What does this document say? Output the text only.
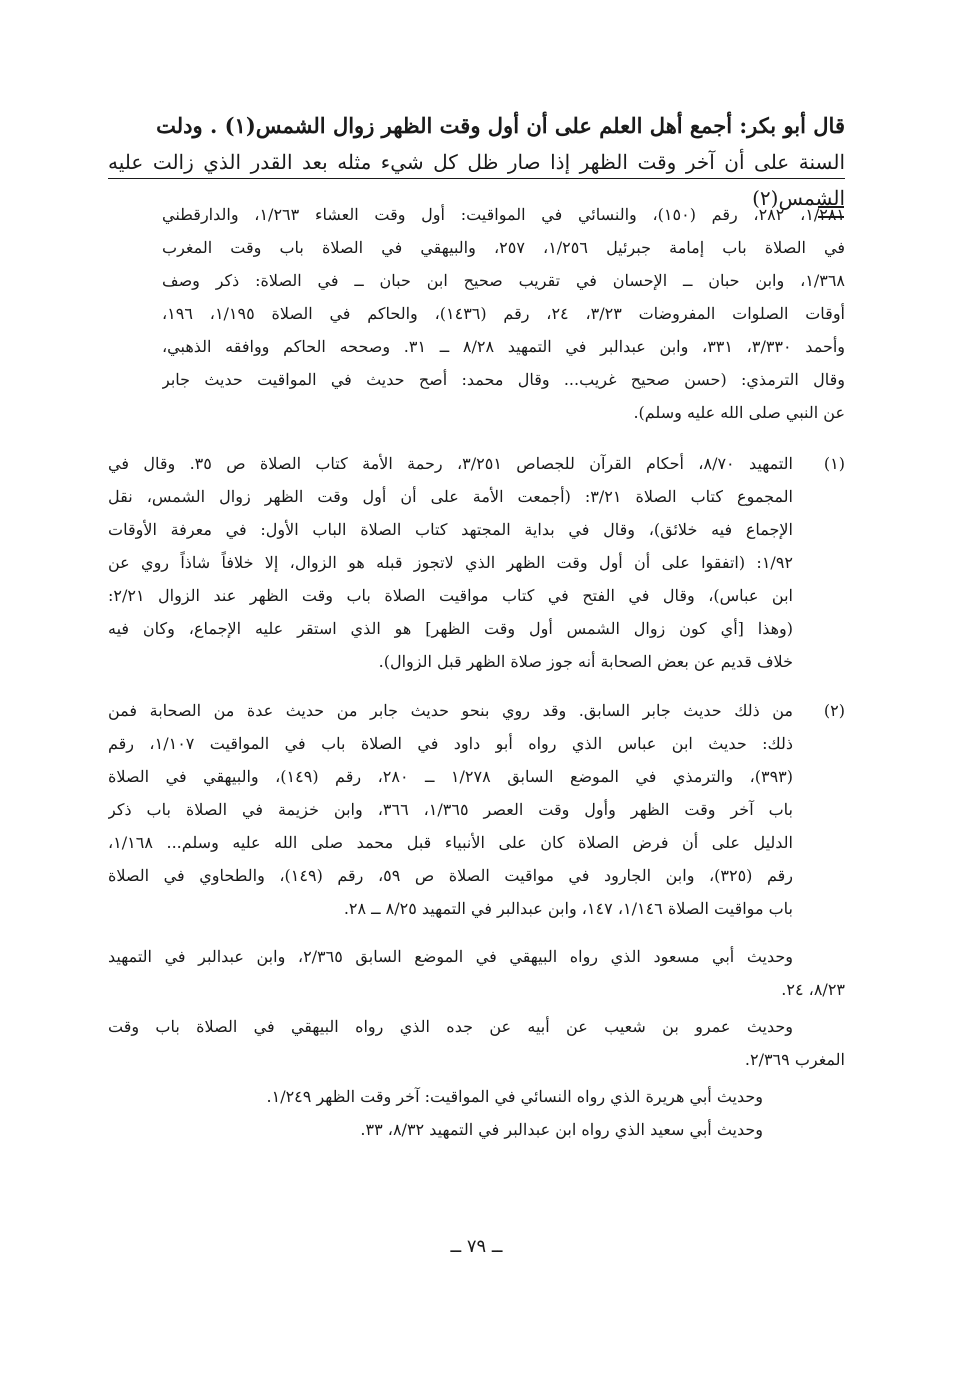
قال أبو بكر: أجمع أهل العلم على أن أول وقت الظهر زوال الشمس(١) . ودلت
السنة على أن آخر وقت الظهر إذا صار ظل كل شيء مثله بعد القدر الذي زالت عليه الشمس(٢)
١/٢٨١، ٢٨٢، رقم (١٥٠)، والنسائي في المواقيت: أول وقت العشاء ١/٢٦٣، والدارقطني
في الصلاة باب إمامة جبرئيل ١/٢٥٦، ٢٥٧، والبيهقي في الصلاة باب وقت المغرب
١/٣٦٨، وابن حبان ــ الإحسان في تقريب صحيح ابن حبان ــ في الصلاة: ذكر وصف
أوقات الصلوات المفروضات ٣/٢٣، ٢٤، رقم (١٤٣٦)، والحاكم في الصلاة ١/١٩٥، ١٩٦،
وأحمد ٣/٣٣٠، ٣٣١، وابن عبدالبر في التمهيد ٨/٢٨ ــ ٣١. وصححه الحاكم ووافقه الذهبي،
وقال الترمذي: (حسن صحيح غريب... وقال محمد: أصح حديث في المواقيت حديث جابر
عن النبي صلى الله عليه وسلم).
(١)
التمهيد ٨/٧٠، أحكام القرآن للجصاص ٣/٢٥١، رحمة الأمة كتاب الصلاة ص ٣٥. وقال في
المجموع كتاب الصلاة ٣/٢١: (أجمعت الأمة على أن أول وقت الظهر زوال الشمس، نقل
الإجماع فيه خلائق)، وقال في بداية المجتهد كتاب الصلاة الباب الأول: في معرفة الأوقات
١/٩٢: (اتفقوا على أن أول وقت الظهر الذي لاتجوز قبله هو الزوال، إلا خلافاً شاذاً روي عن
ابن عباس)، وقال في الفتح في كتاب مواقيت الصلاة باب وقت الظهر عند الزوال ٢/٢١:
(وهذا [أي كون زوال الشمس أول وقت الظهر] هو الذي استقر عليه الإجماع، وكان فيه
خلاف قديم عن بعض الصحابة أنه جوز صلاة الظهر قبل الزوال).
(٢)
من ذلك حديث جابر السابق. وقد روي بنحو حديث جابر من حديث عدة من الصحابة فمن
ذلك: حديث ابن عباس الذي رواه أبو داود في الصلاة باب في المواقيت ١/١٠٧، رقم
(٣٩٣)، والترمذي في الموضع السابق ١/٢٧٨ ــ ٢٨٠، رقم (١٤٩)، والبيهقي في الصلاة
باب آخر وقت الظهر وأول وقت العصر ١/٣٦٥، ٣٦٦، وابن خزيمة في الصلاة باب ذكر
الدليل على أن فرض الصلاة كان على الأنبياء قبل محمد صلى الله عليه وسلم... ١/١٦٨،
رقم (٣٢٥)، وابن الجارود في مواقيت الصلاة ص ٥٩، رقم (١٤٩)، والطحاوي في الصلاة
باب مواقيت الصلاة ١/١٤٦، ١٤٧، وابن عبدالبر في التمهيد ٨/٢٥ ــ ٢٨.
وحديث أبي مسعود الذي رواه البيهقي في الموضع السابق ٢/٣٦٥، وابن عبدالبر في التمهيد
٨/٢٣، ٢٤.
وحديث عمرو بن شعيب عن أبيه عن جده الذي رواه البيهقي في الصلاة باب وقت
المغرب ٢/٣٦٩.
وحديث أبي هريرة الذي رواه النسائي في المواقيت: آخر وقت الظهر ١/٢٤٩.
وحديث أبي سعيد الذي رواه ابن عبدالبر في التمهيد ٨/٣٢، ٣٣.
ــ ٧٩ ــ
